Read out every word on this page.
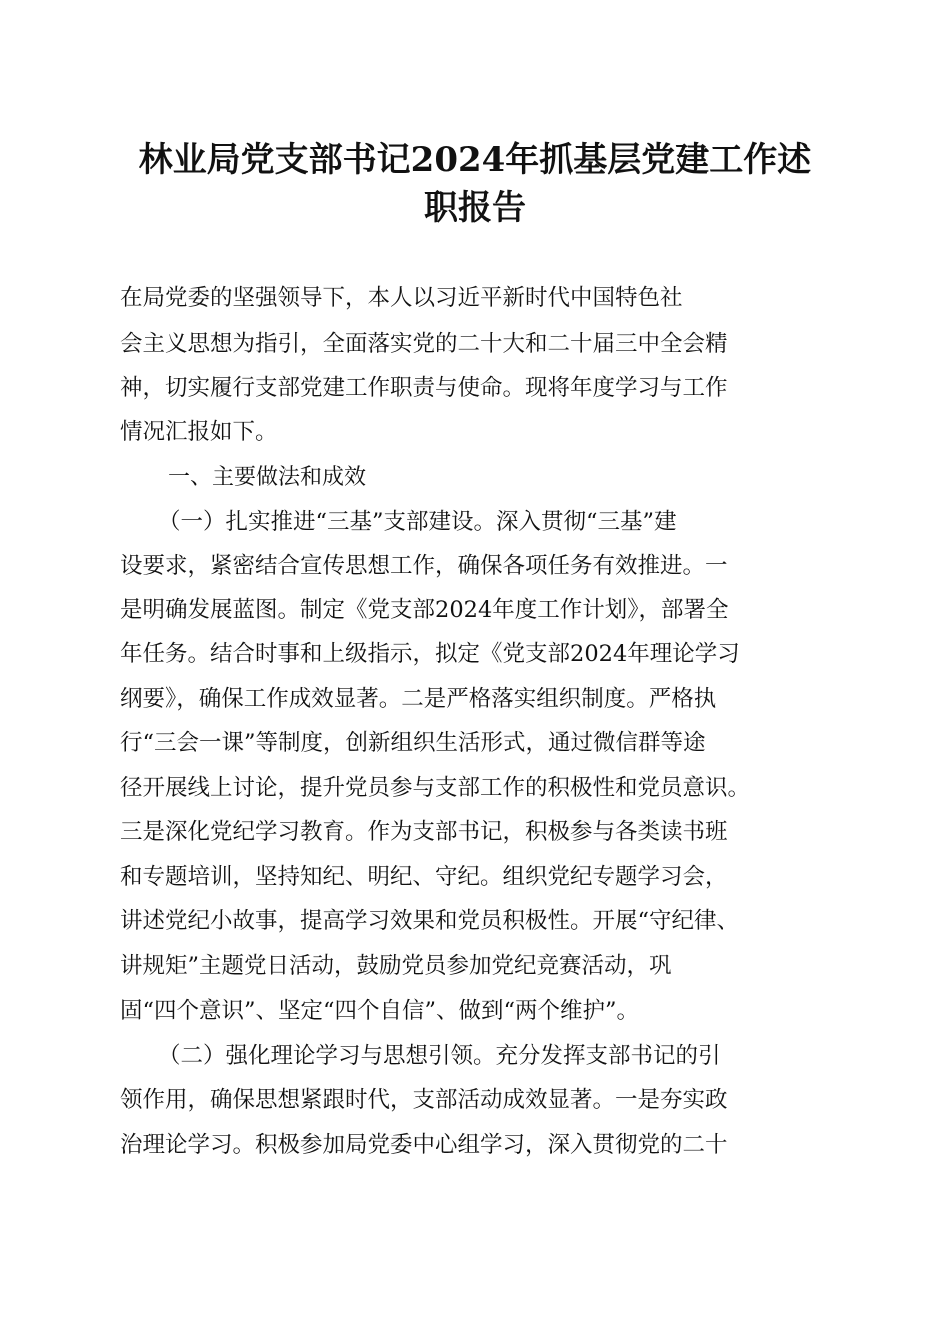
林业局党支部书记2024年抓基层党建工作述
职报告

在局党委的坚强领导下，本人以习近平新时代中国特色社

会主义思想为指引，全面落实党的二十大和二十届三中全会精

神，切实履行支部党建工作职责与使命。现将年度学习与工作

情况汇报如下。

一、主要做法和成效

（一）扎实推进“三基”支部建设。深入贯彻“三基”建

设要求，紧密结合宣传思想工作，确保各项任务有效推进。一

是明确发展蓝图。制定《党支部2024年度工作计划》，部署全

年任务。结合时事和上级指示，拟定《党支部2024年理论学习

纲要》，确保工作成效显著。二是严格落实组织制度。严格执

行“三会一课”等制度，创新组织生活形式，通过微信群等途

径开展线上讨论，提升党员参与支部工作的积极性和党员意识。

三是深化党纪学习教育。作为支部书记，积极参与各类读书班

和专题培训，坚持知纪、明纪、守纪。组织党纪专题学习会，

讲述党纪小故事，提高学习效果和党员积极性。开展“守纪律、

讲规矩”主题党日活动，鼓励党员参加党纪竞赛活动，巩

固“四个意识”、坚定“四个自信”、做到“两个维护”。

（二）强化理论学习与思想引领。充分发挥支部书记的引

领作用，确保思想紧跟时代，支部活动成效显著。一是夯实政

治理论学习。积极参加局党委中心组学习，深入贯彻党的二十
